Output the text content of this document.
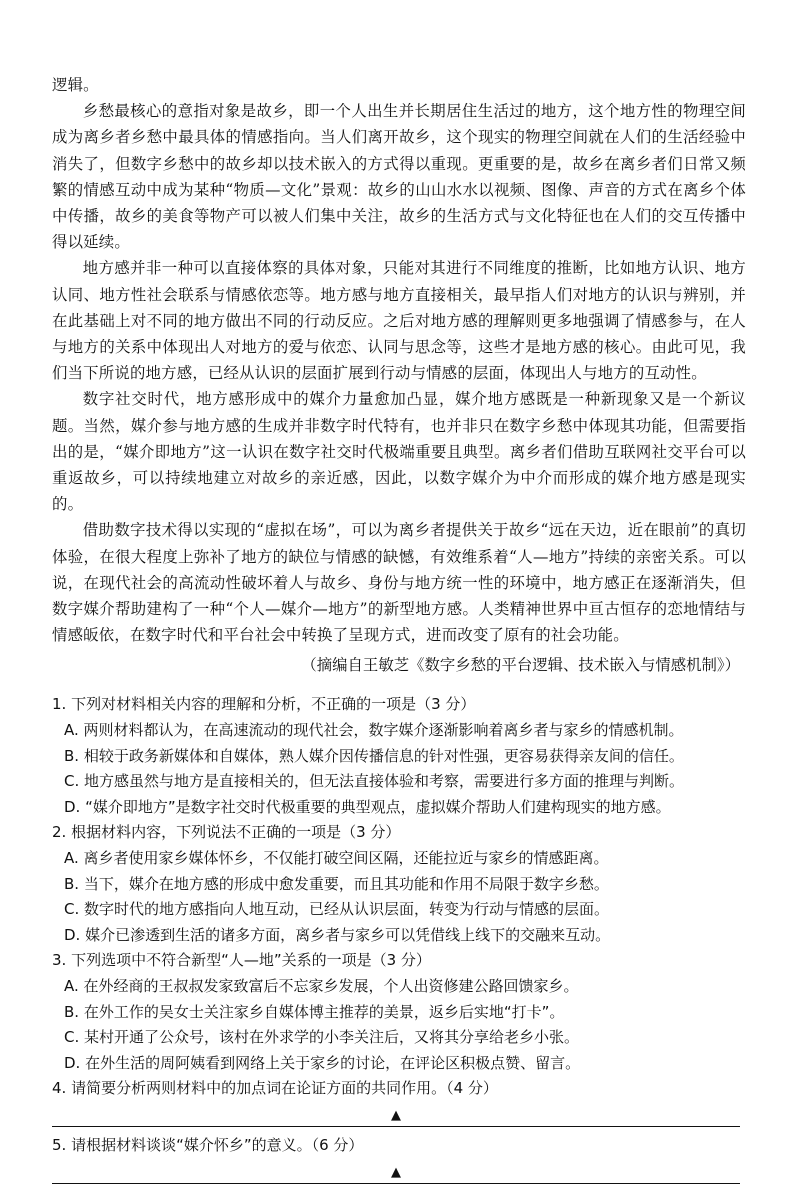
逻辑。

乡愁最核心的意指对象是故乡，即一个人出生并长期居住生活过的地方，这个地方性的物理空间成为离乡者乡愁中最具体的情感指向。当人们离开故乡，这个现实的物理空间就在人们的生活经验中消失了，但数字乡愁中的故乡却以技术嵌入的方式得以重现。更重要的是，故乡在离乡者们日常又频繁的情感互动中成为某种“物质—文化”景观：故乡的山山水水以视频、图像、声音的方式在离乡个体中传播，故乡的美食等物产可以被人们集中关注，故乡的生活方式与文化特征也在人们的交互传播中得以延续。

地方感并非一种可以直接体察的具体对象，只能对其进行不同维度的推断，比如地方认识、地方认同、地方性社会联系与情感依恋等。地方感与地方直接相关，最早指人们对地方的认识与辨别，并在此基础上对不同的地方做出不同的行动反应。之后对地方感的理解则更多地强调了情感参与，在人与地方的关系中体现出人对地方的爱与依恋、认同与思念等，这些才是地方感的核心。由此可见，我们当下所说的地方感，已经从认识的层面扩展到行动与情感的层面，体现出人与地方的互动性。

数字社交时代，地方感形成中的媒介力量愈加凸显，媒介地方感既是一种新现象又是一个新议题。当然，媒介参与地方感的生成并非数字时代特有，也并非只在数字乡愁中体现其功能，但需要指出的是，“媒介即地方”这一认识在数字社交时代极端重要且典型。离乡者们借助互联网社交平台可以重返故乡，可以持续地建立对故乡的亲近感，因此，以数字媒介为中介而形成的媒介地方感是现实的。

借助数字技术得以实现的“虚拟在场”，可以为离乡者提供关于故乡“远在天边，近在眼前”的真切体验，在很大程度上弥补了地方的缺位与情感的缺憾，有效维系着“人—地方”持续的亲密关系。可以说，在现代社会的高流动性破坏着人与故乡、身份与地方统一性的环境中，地方感正在逐渐消失，但数字媒介帮助建构了一种“个人—媒介—地方”的新型地方感。人类精神世界中亘古恒存的恋地情结与情感皈依，在数字时代和平台社会中转换了呈现方式，进而改变了原有的社会功能。

（摘编自王敏芝《数字乡愁的平台逻辑、技术嵌入与情感机制》）

1. 下列对材料相关内容的理解和分析，不正确的一项是（3 分）

A. 两则材料都认为，在高速流动的现代社会，数字媒介逐渐影响着离乡者与家乡的情感机制。

B. 相较于政务新媒体和自媒体，熟人媒介因传播信息的针对性强，更容易获得亲友间的信任。

C. 地方感虽然与地方是直接相关的，但无法直接体验和考察，需要进行多方面的推理与判断。

D. “媒介即地方”是数字社交时代极重要的典型观点，虚拟媒介帮助人们建构现实的地方感。

2. 根据材料内容，下列说法不正确的一项是（3 分）

A. 离乡者使用家乡媒体怀乡，不仅能打破空间区隔，还能拉近与家乡的情感距离。

B. 当下，媒介在地方感的形成中愈发重要，而且其功能和作用不局限于数字乡愁。

C. 数字时代的地方感指向人地互动，已经从认识层面，转变为行动与情感的层面。

D. 媒介已渗透到生活的诸多方面，离乡者与家乡可以凭借线上线下的交融来互动。

3. 下列选项中不符合新型“人—地”关系的一项是（3 分）

A. 在外经商的王叔叔发家致富后不忘家乡发展，个人出资修建公路回馈家乡。

B. 在外工作的吴女士关注家乡自媒体博主推荐的美景，返乡后实地“打卡”。

C. 某村开通了公众号，该村在外求学的小李关注后，又将其分享给老乡小张。

D. 在外生活的周阿姨看到网络上关于家乡的讨论，在评论区积极点赞、留言。

4. 请简要分析两则材料中的加点词在论证方面的共同作用。（4 分）

▲

5. 请根据材料谈谈“媒介怀乡”的意义。（6 分）

▲
